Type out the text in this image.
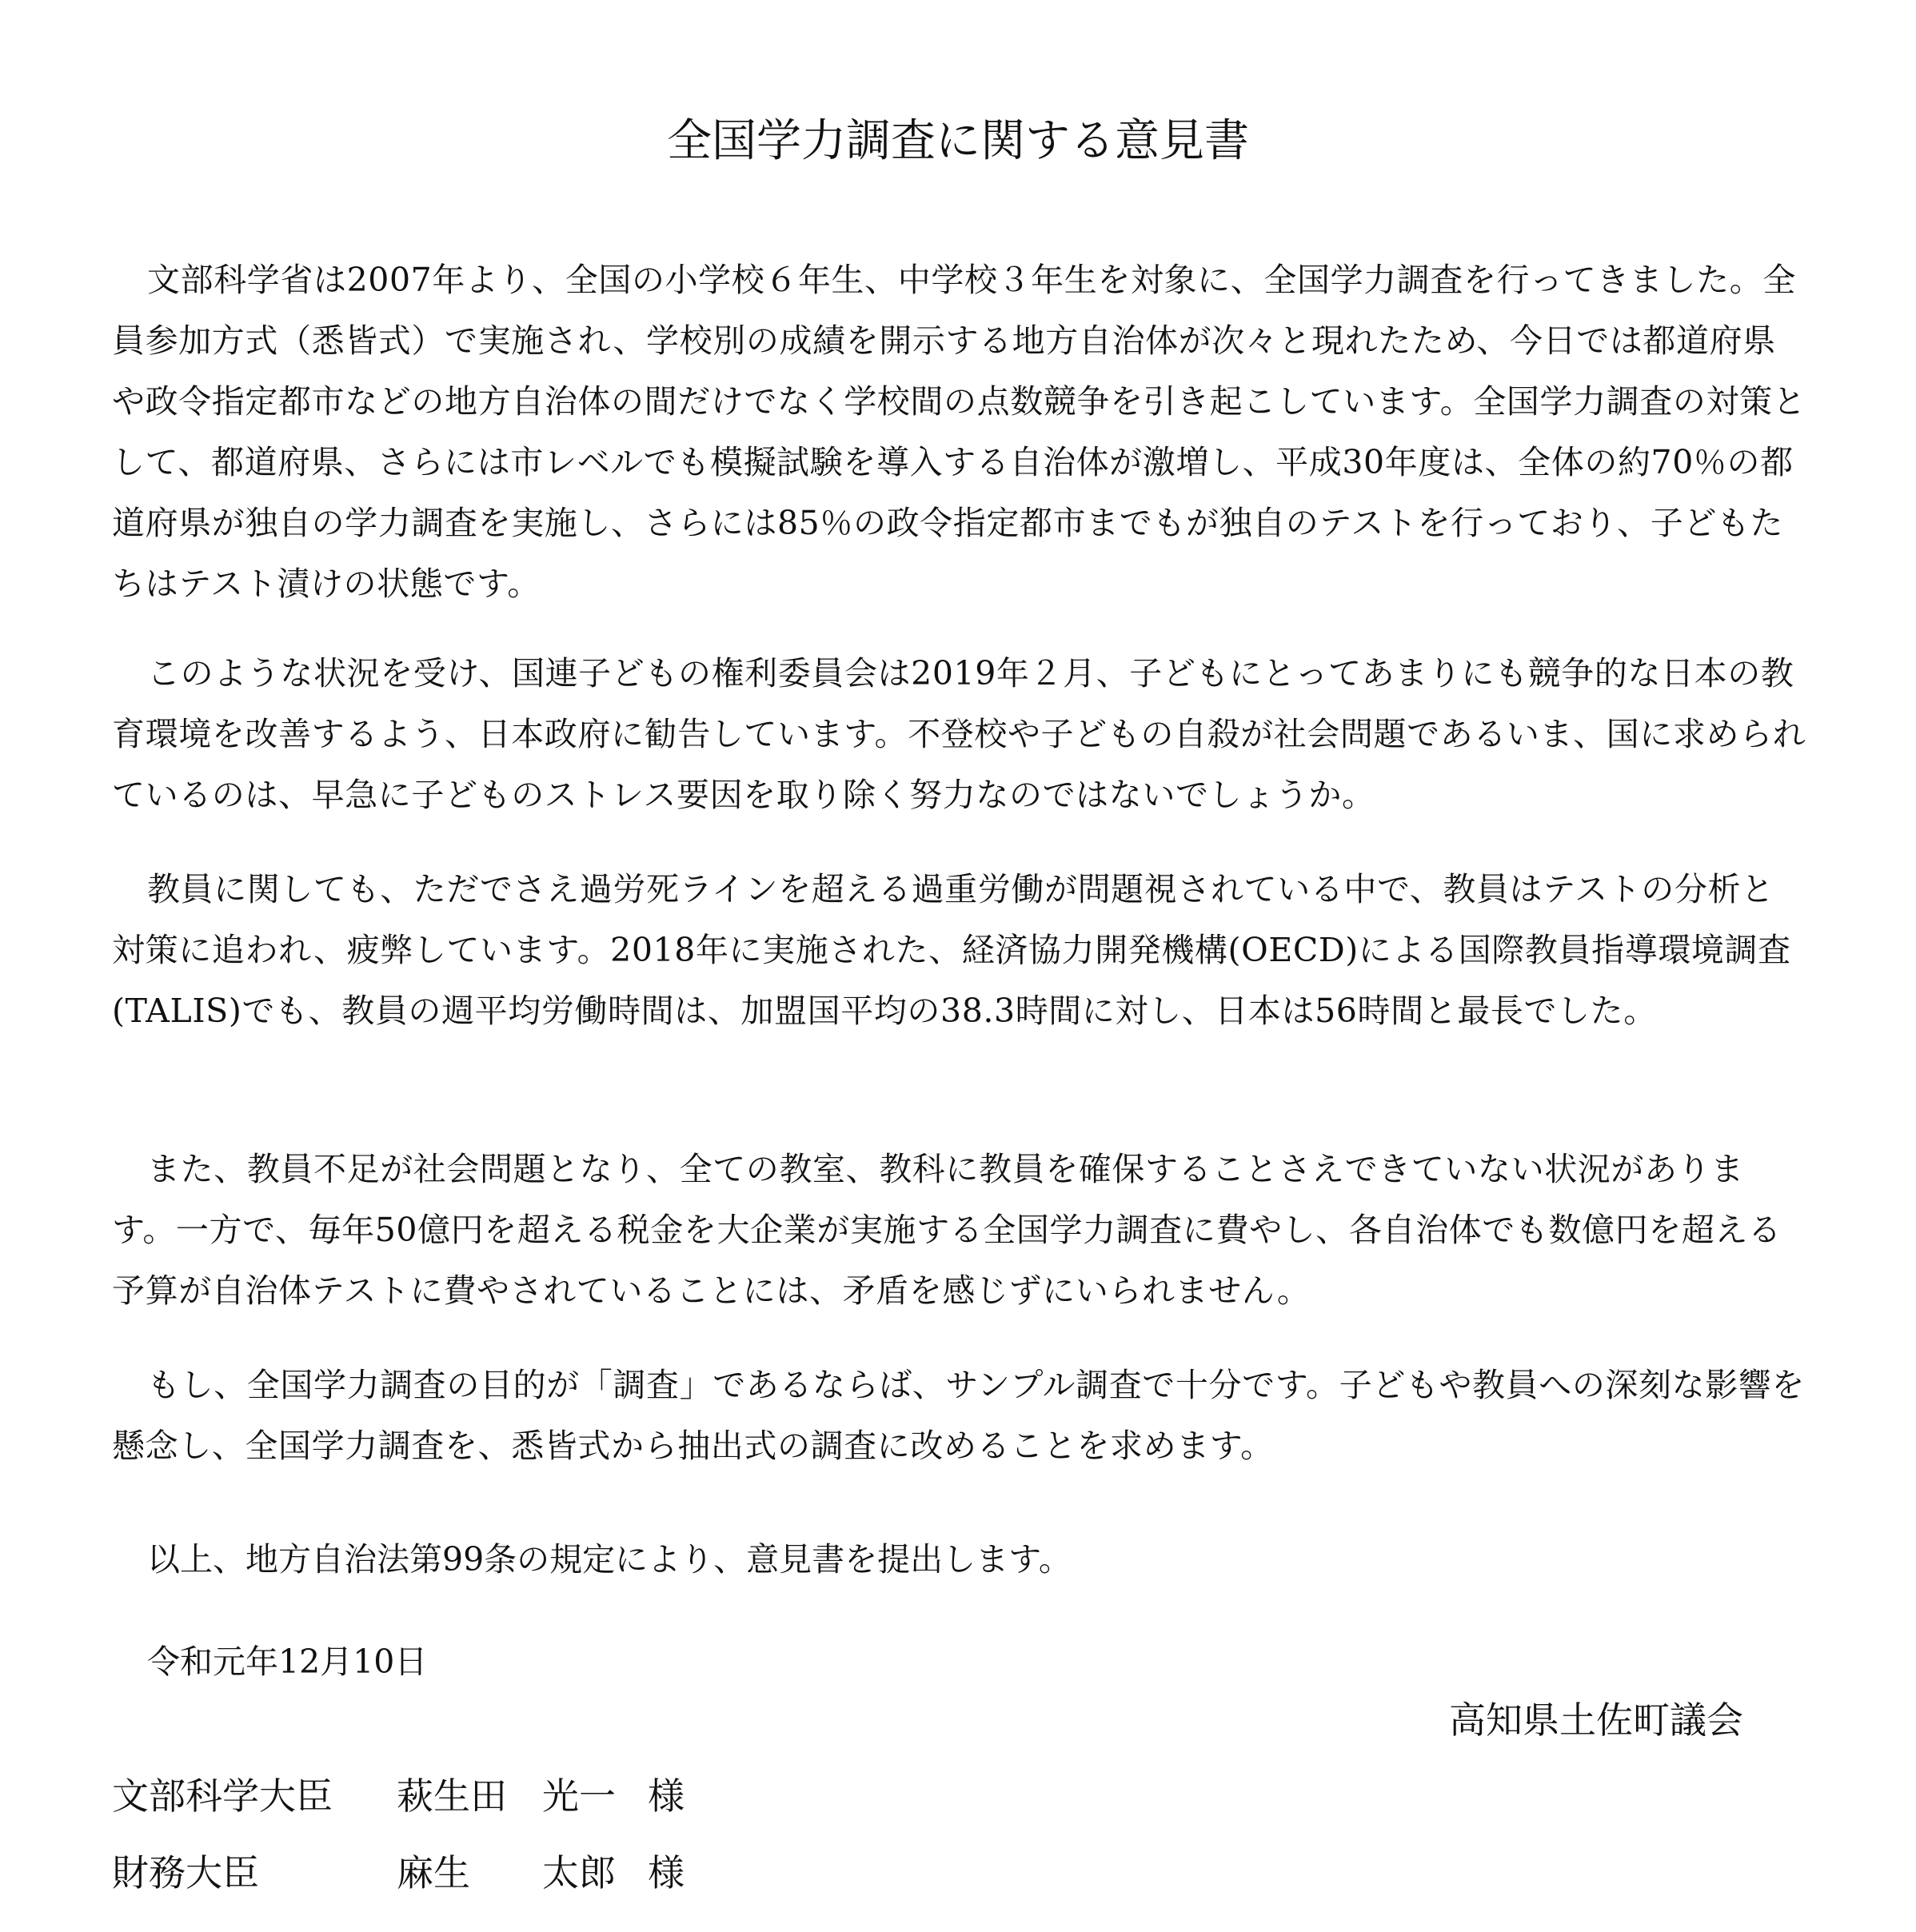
全国学力調査に関する意見書

文部科学省は2007年より、全国の小学校６年生、中学校３年生を対象に、全国学力調査を行ってきました。全員参加方式（悉皆式）で実施され、学校別の成績を開示する地方自治体が次々と現れたため、今日では都道府県や政令指定都市などの地方自治体の間だけでなく学校間の点数競争を引き起こしています。全国学力調査の対策として、都道府県、さらには市レベルでも模擬試験を導入する自治体が激増し、平成30年度は、全体の約70％の都道府県が独自の学力調査を実施し、さらには85％の政令指定都市までもが独自のテストを行っており、子どもたちはテスト漬けの状態です。

このような状況を受け、国連子どもの権利委員会は2019年２月、子どもにとってあまりにも競争的な日本の教育環境を改善するよう、日本政府に勧告しています。不登校や子どもの自殺が社会問題であるいま、国に求められているのは、早急に子どものストレス要因を取り除く努力なのではないでしょうか。

教員に関しても、ただでさえ過労死ラインを超える過重労働が問題視されている中で、教員はテストの分析と対策に追われ、疲弊しています。2018年に実施された、経済協力開発機構(OECD)による国際教員指導環境調査(TALIS)でも、教員の週平均労働時間は、加盟国平均の38.3時間に対し、日本は56時間と最長でした。

また、教員不足が社会問題となり、全ての教室、教科に教員を確保することさえできていない状況があります。一方で、毎年50億円を超える税金を大企業が実施する全国学力調査に費やし、各自治体でも数億円を超える予算が自治体テストに費やされていることには、矛盾を感じずにいられません。

もし、全国学力調査の目的が「調査」であるならば、サンプル調査で十分です。子どもや教員への深刻な影響を懸念し、全国学力調査を、悉皆式から抽出式の調査に改めることを求めます。

以上、地方自治法第99条の規定により、意見書を提出します。
令和元年12月10日
高知県土佐町議会
文部科学大臣 萩生田 光一 様
財務大臣	麻生 太郎 様
